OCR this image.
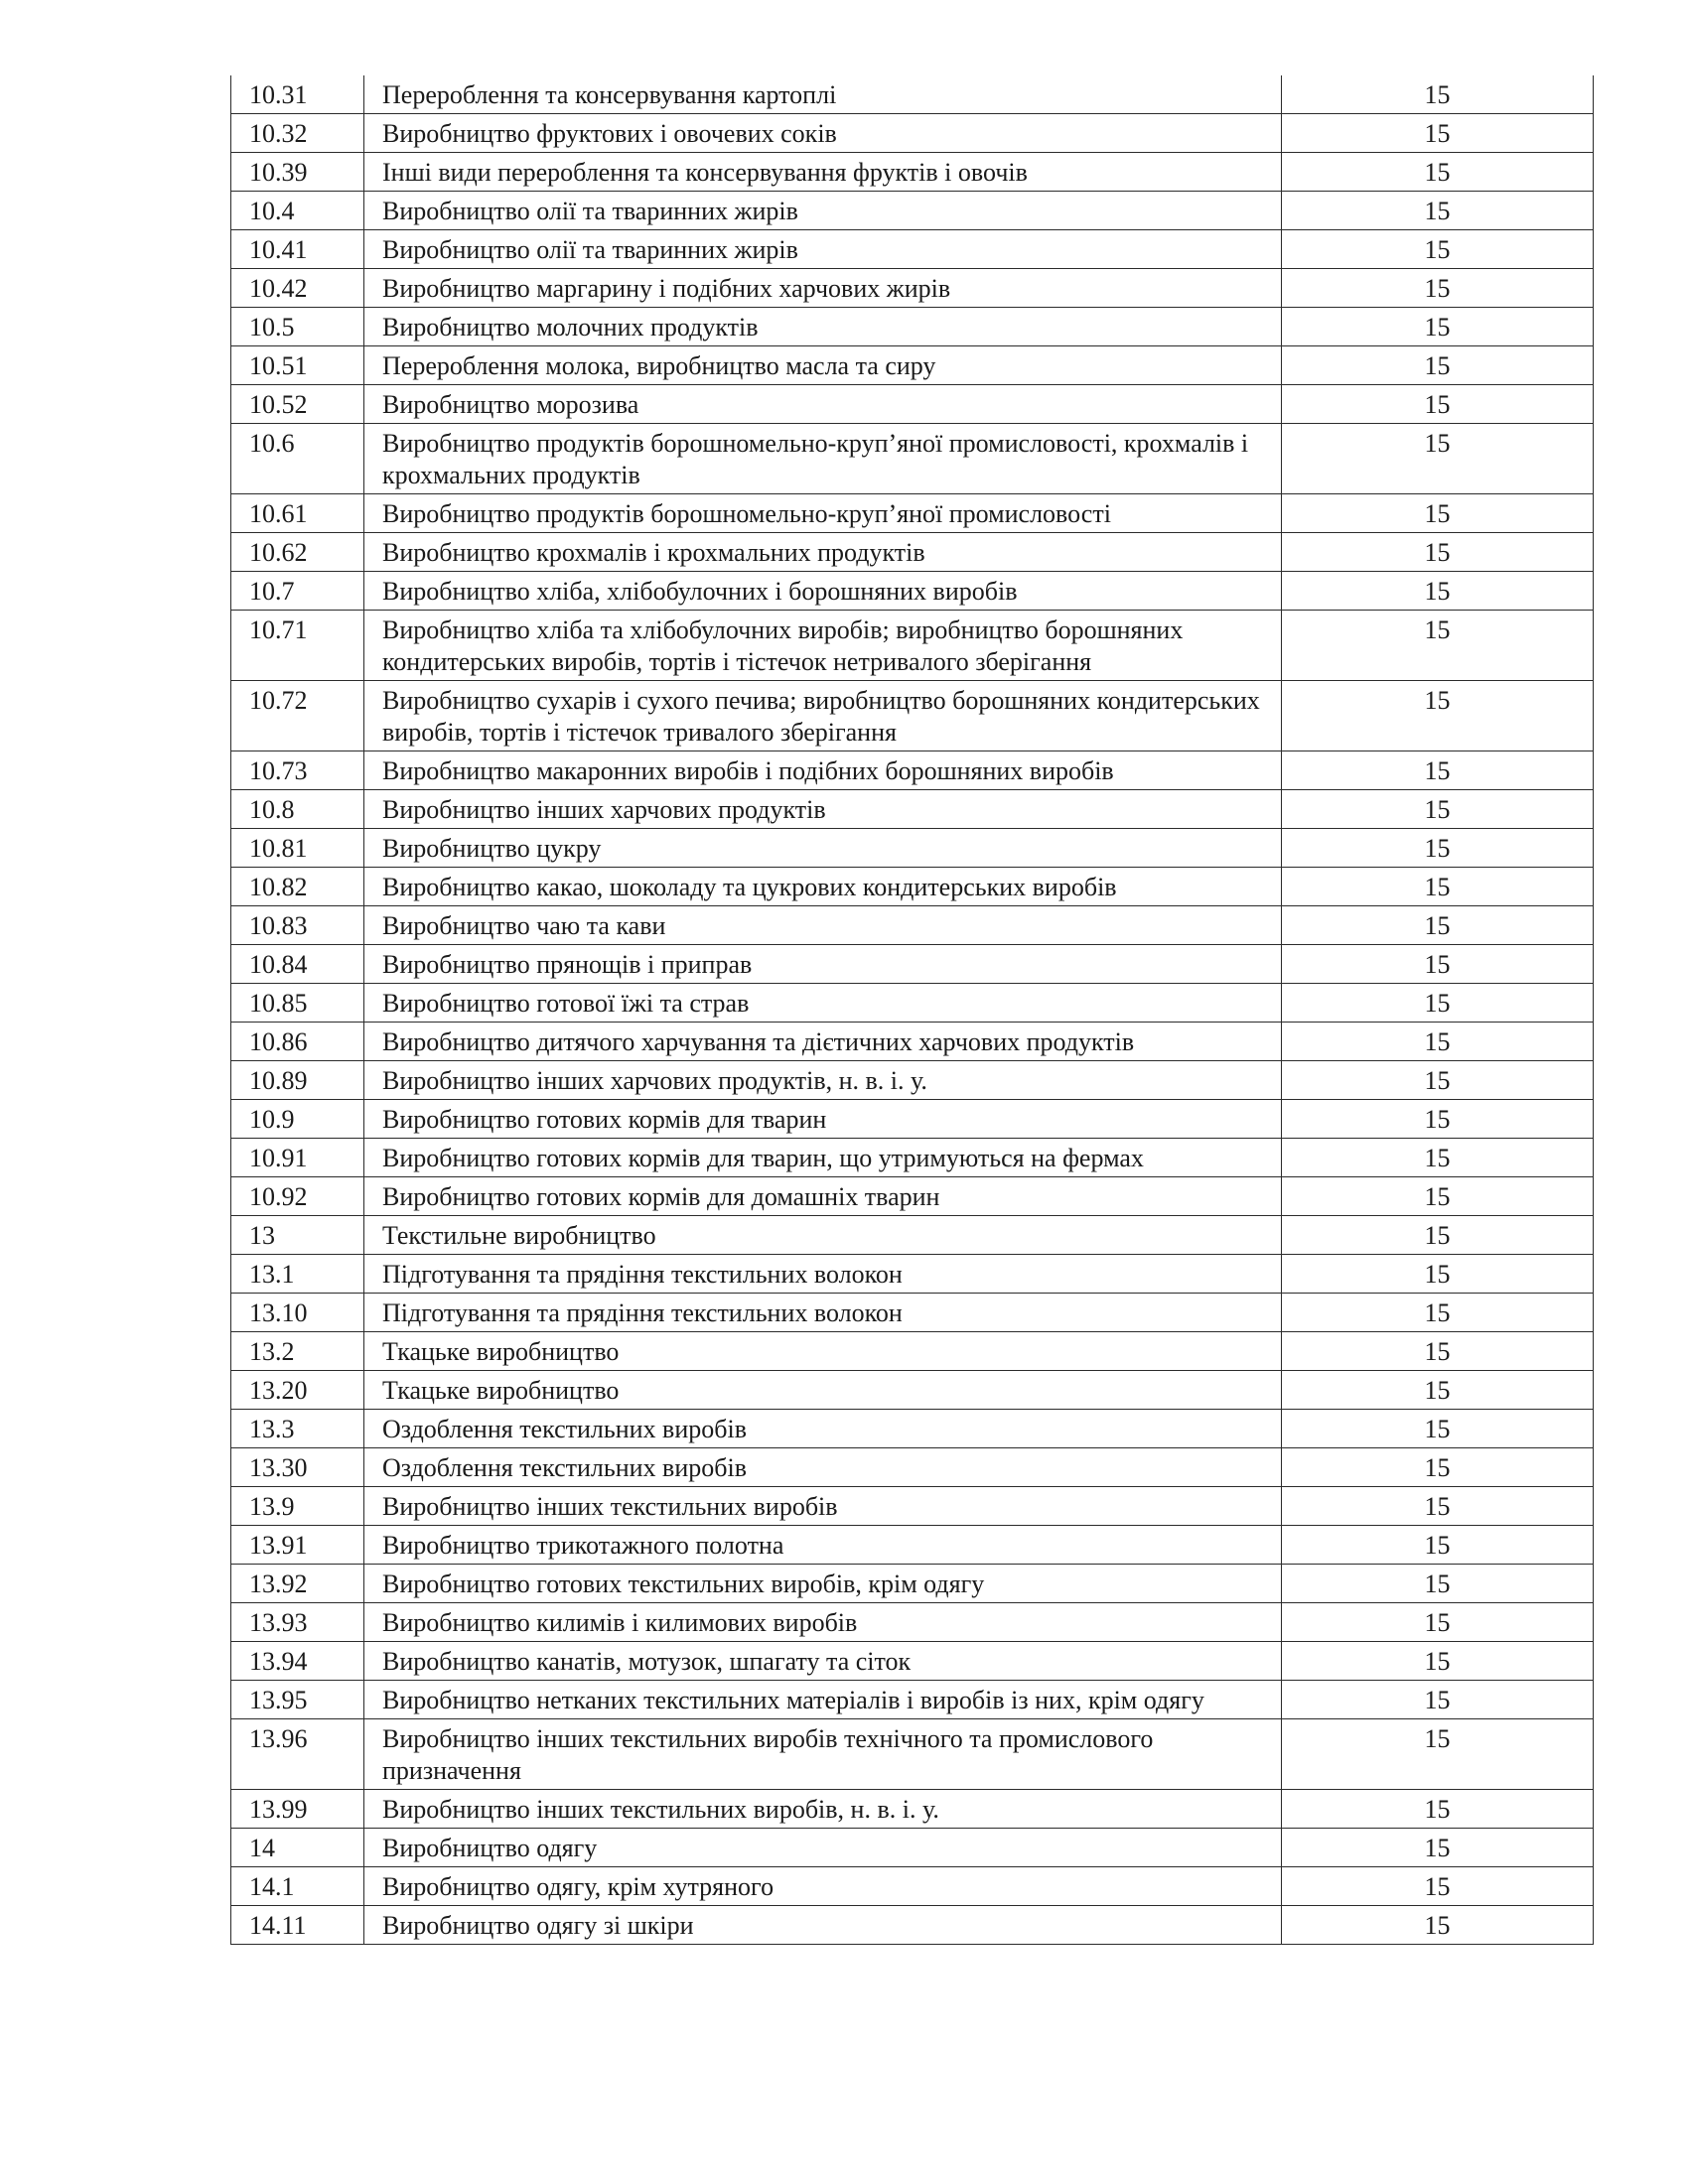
10.31	Перероблення та консервування картоплі	15
10.32	Виробництво фруктових і овочевих соків	15
10.39	Інші види перероблення та консервування фруктів і овочів	15
10.4	Виробництво олії та тваринних жирів	15
10.41	Виробництво олії та тваринних жирів	15
10.42	Виробництво маргарину і подібних харчових жирів	15
10.5	Виробництво молочних продуктів	15
10.51	Перероблення молока, виробництво масла та сиру	15
10.52	Виробництво морозива	15
10.6	Виробництво продуктів борошномельно-круп’яної промисловості, крохмалів і крохмальних продуктів	15
10.61	Виробництво продуктів борошномельно-круп’яної промисловості	15
10.62	Виробництво крохмалів і крохмальних продуктів	15
10.7	Виробництво хліба, хлібобулочних і борошняних виробів	15
10.71	Виробництво хліба та хлібобулочних виробів; виробництво борошняних кондитерських виробів, тортів і тістечок нетривалого зберігання	15
10.72	Виробництво сухарів і сухого печива; виробництво борошняних кондитерських виробів, тортів і тістечок тривалого зберігання	15
10.73	Виробництво макаронних виробів і подібних борошняних виробів	15
10.8	Виробництво інших харчових продуктів	15
10.81	Виробництво цукру	15
10.82	Виробництво какао, шоколаду та цукрових кондитерських виробів	15
10.83	Виробництво чаю та кави	15
10.84	Виробництво прянощів і приправ	15
10.85	Виробництво готової їжі та страв	15
10.86	Виробництво дитячого харчування та дієтичних харчових продуктів	15
10.89	Виробництво інших харчових продуктів, н. в. і. у.	15
10.9	Виробництво готових кормів для тварин	15
10.91	Виробництво готових кормів для тварин, що утримуються на фермах	15
10.92	Виробництво готових кормів для домашніх тварин	15
13	Текстильне виробництво	15
13.1	Підготування та прядіння текстильних волокон	15
13.10	Підготування та прядіння текстильних волокон	15
13.2	Ткацьке виробництво	15
13.20	Ткацьке виробництво	15
13.3	Оздоблення текстильних виробів	15
13.30	Оздоблення текстильних виробів	15
13.9	Виробництво інших текстильних виробів	15
13.91	Виробництво трикотажного полотна	15
13.92	Виробництво готових текстильних виробів, крім одягу	15
13.93	Виробництво килимів і килимових виробів	15
13.94	Виробництво канатів, мотузок, шпагату та сіток	15
13.95	Виробництво нетканих текстильних матеріалів і виробів із них, крім одягу	15
13.96	Виробництво інших текстильних виробів технічного та промислового призначення	15
13.99	Виробництво інших текстильних виробів, н. в. і. у.	15
14	Виробництво одягу	15
14.1	Виробництво одягу, крім хутряного	15
14.11	Виробництво одягу зі шкіри	15
